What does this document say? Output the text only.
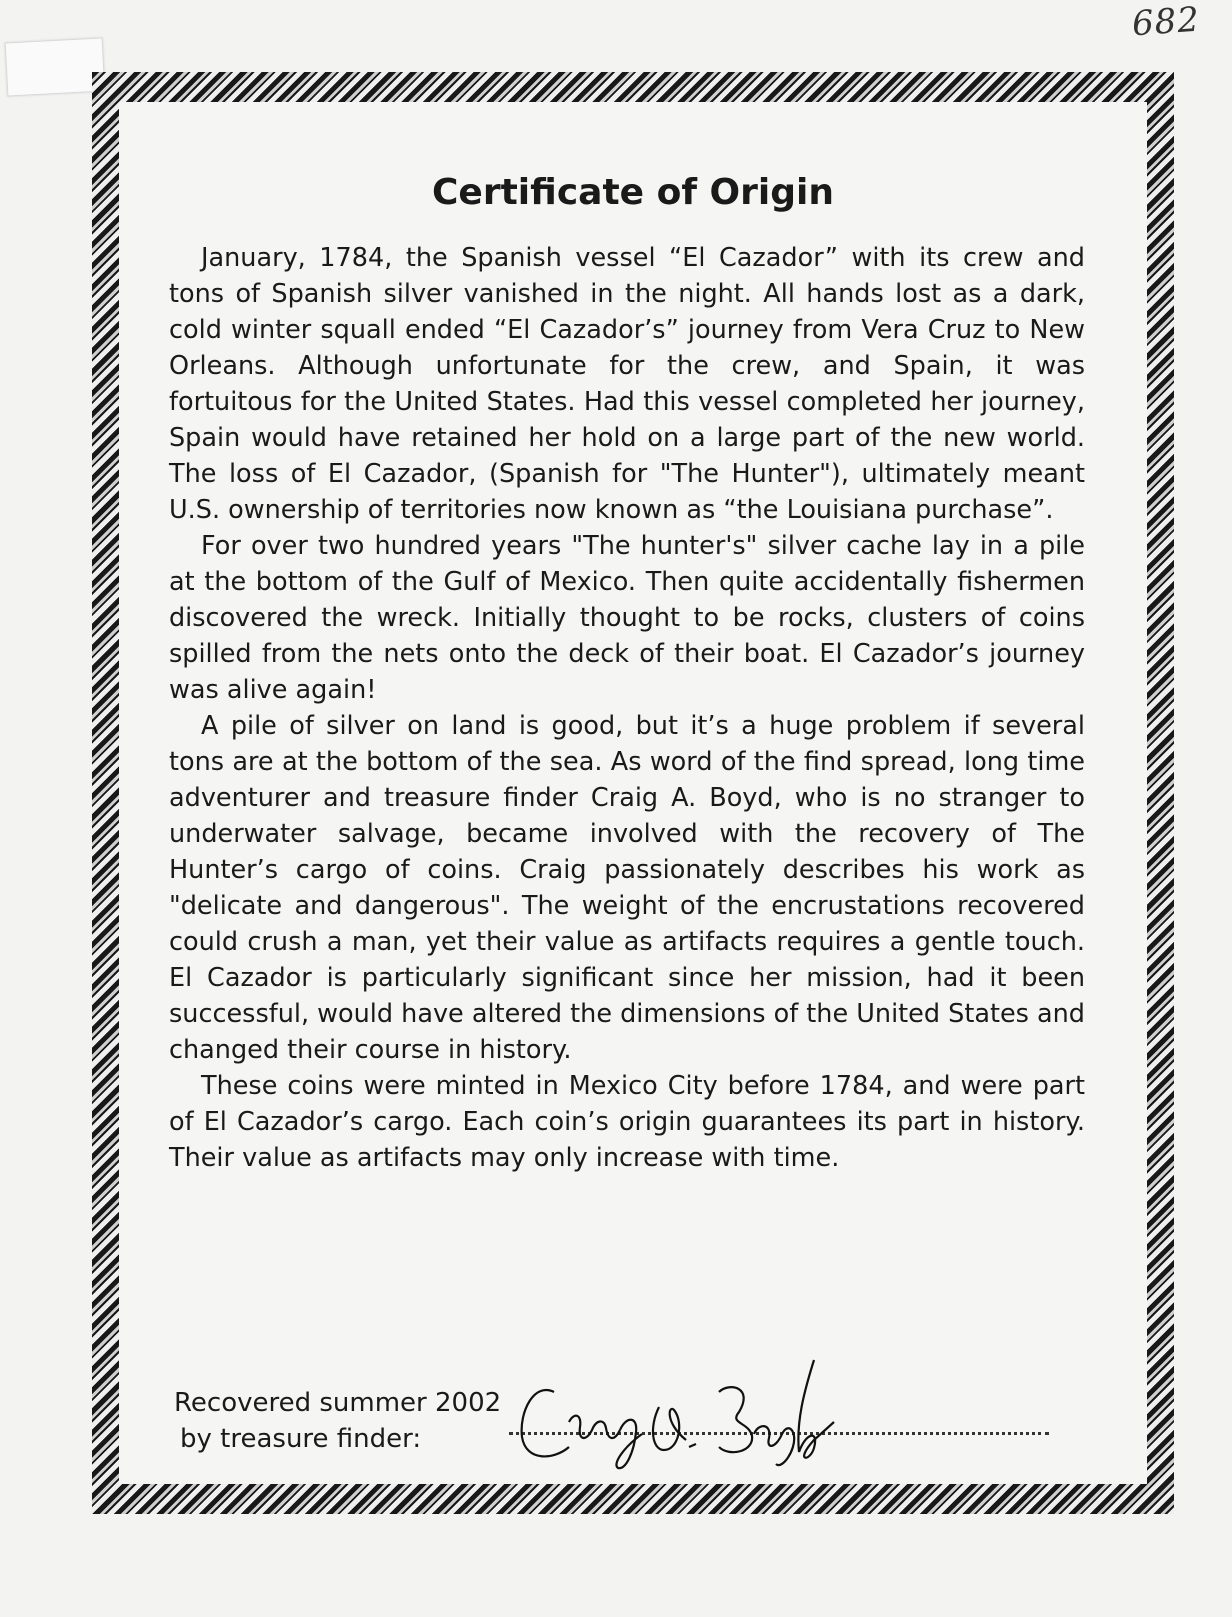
682
Certificate of Origin

January, 1784, the Spanish vessel “El Cazador” with its crew and tons of Spanish silver vanished in the night. All hands lost as a dark, cold winter squall ended “El Cazador’s” journey from Vera Cruz to New Orleans. Although unfortunate for the crew, and Spain, it was fortuitous for the United States. Had this vessel completed her journey, Spain would have retained her hold on a large part of the new world. The loss of El Cazador, (Spanish for "The Hunter"), ultimately meant U.S. ownership of territories now known as “the Louisiana purchase”.

For over two hundred years "The hunter's" silver cache lay in a pile at the bottom of the Gulf of Mexico. Then quite accidentally fishermen discovered the wreck. Initially thought to be rocks, clusters of coins spilled from the nets onto the deck of their boat. El Cazador’s journey was alive again!

A pile of silver on land is good, but it’s a huge problem if several tons are at the bottom of the sea. As word of the find spread, long time adventurer and treasure finder Craig A. Boyd, who is no stranger to underwater salvage, became involved with the recovery of The Hunter’s cargo of coins. Craig passionately describes his work as "delicate and dangerous". The weight of the encrustations recovered could crush a man, yet their value as artifacts requires a gentle touch. El Cazador is particularly significant since her mission, had it been successful, would have altered the dimensions of the United States and changed their course in history.

These coins were minted in Mexico City before 1784, and were part of El Cazador’s cargo. Each coin’s origin guarantees its part in history. Their value as artifacts may only increase with time.

Recovered summer 2002
by treasure finder:
